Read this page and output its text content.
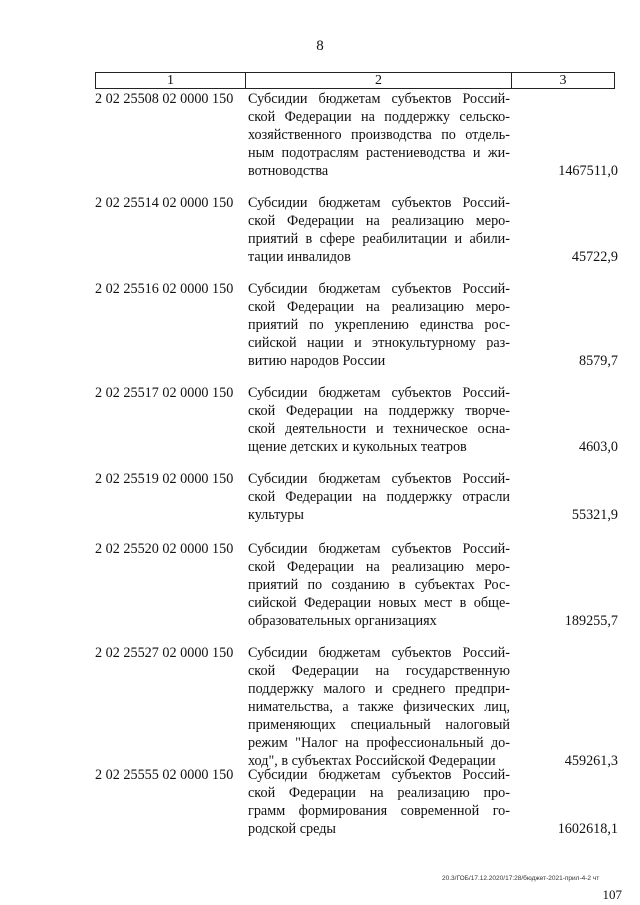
8
1	2	3
2 02 25508 02 0000 150	Субсидии бюджетам субъектов Россий-
ской Федерации на поддержку сельско-
хозяйственного производства по отдель-
ным подотраслям растениеводства и жи-
вотноводства	1467511,0
2 02 25514 02 0000 150	Субсидии бюджетам субъектов Россий-
ской Федерации на реализацию меро-
приятий в сфере реабилитации и абили-
тации инвалидов	45722,9
2 02 25516 02 0000 150	Субсидии бюджетам субъектов Россий-
ской Федерации на реализацию меро-
приятий по укреплению единства рос-
сийской нации и этнокультурному раз-
витию народов России	8579,7
2 02 25517 02 0000 150	Субсидии бюджетам субъектов Россий-
ской Федерации на поддержку творче-
ской деятельности и техническое осна-
щение детских и кукольных театров	4603,0
2 02 25519 02 0000 150	Субсидии бюджетам субъектов Россий-
ской Федерации на поддержку отрасли
культуры	55321,9
2 02 25520 02 0000 150	Субсидии бюджетам субъектов Россий-
ской Федерации на реализацию меро-
приятий по созданию в субъектах Рос-
сийской Федерации новых мест в обще-
образовательных организациях	189255,7
2 02 25527 02 0000 150	Субсидии бюджетам субъектов Россий-
ской Федерации на государственную
поддержку малого и среднего предпри-
нимательства, а также физических лиц,
применяющих специальный налоговый
режим "Налог на профессиональный до-
ход", в субъектах Российской Федерации	459261,3
2 02 25555 02 0000 150	Субсидии бюджетам субъектов Россий-
ской Федерации на реализацию про-
грамм формирования современной го-
родской среды	1602618,1
20.3/ГОБ/17.12.2020/17:28/бюджет-2021-прил-4-2 чт
107
